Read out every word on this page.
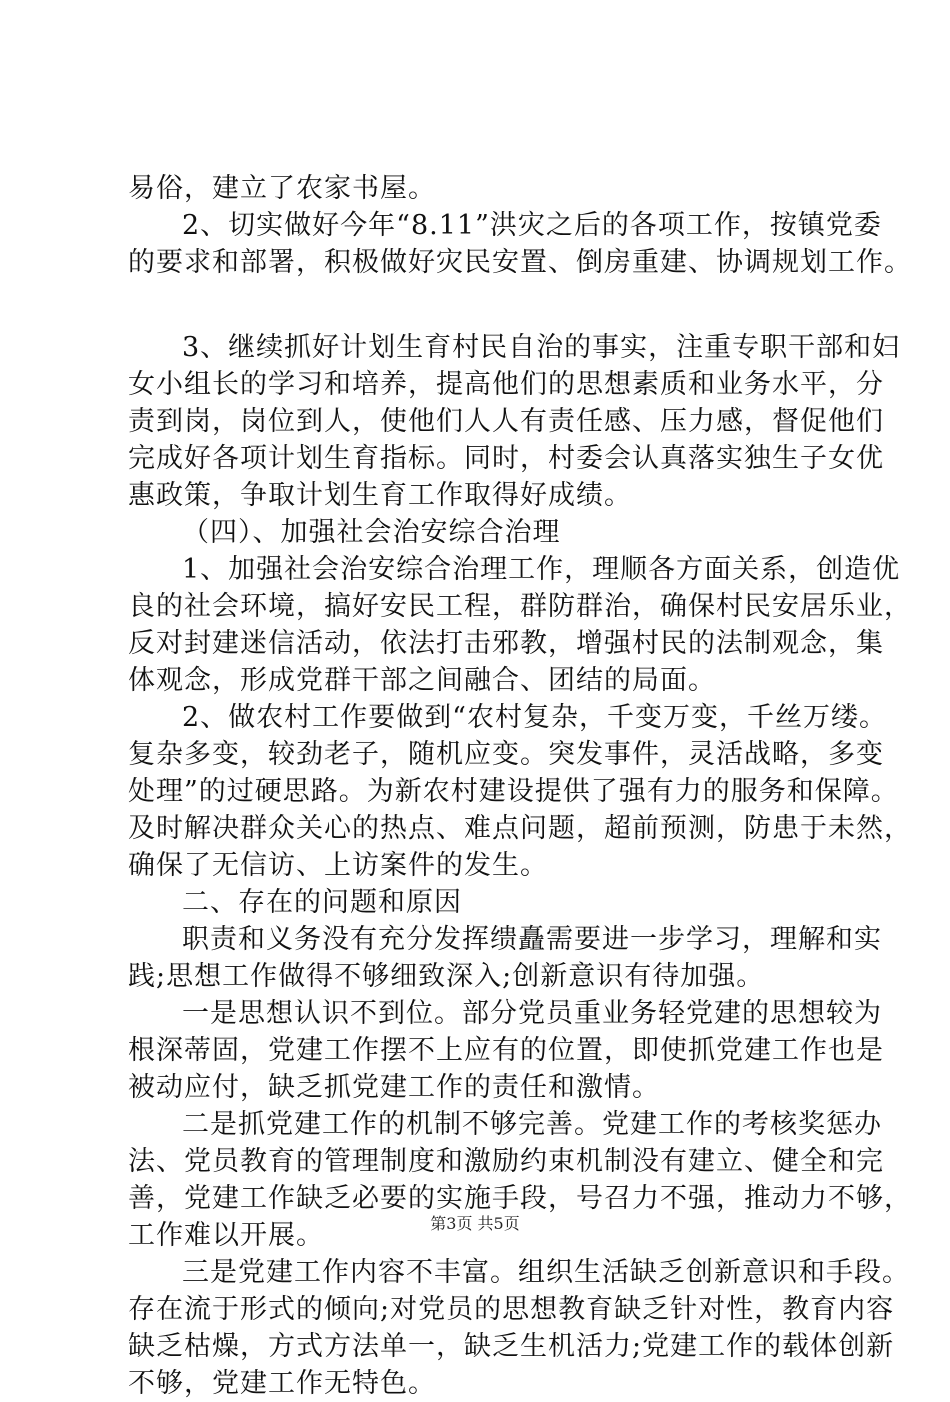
易俗，建立了农家书屋。
2、切实做好今年“8.11”洪灾之后的各项工作，按镇党委
的要求和部署，积极做好灾民安置、倒房重建、协调规划工作。
3、继续抓好计划生育村民自治的事实，注重专职干部和妇
女小组长的学习和培养，提高他们的思想素质和业务水平，分
责到岗，岗位到人，使他们人人有责任感、压力感，督促他们
完成好各项计划生育指标。同时，村委会认真落实独生子女优
惠政策，争取计划生育工作取得好成绩。
（四）、加强社会治安综合治理
1、加强社会治安综合治理工作，理顺各方面关系，创造优
良的社会环境，搞好安民工程，群防群治，确保村民安居乐业，
反对封建迷信活动，依法打击邪教，增强村民的法制观念，集
体观念，形成党群干部之间融合、团结的局面。
2、做农村工作要做到“农村复杂，千变万变，千丝万缕。
复杂多变，较劲老子，随机应变。突发事件，灵活战略，多变
处理”的过硬思路。为新农村建设提供了强有力的服务和保障。
及时解决群众关心的热点、难点问题，超前预测，防患于未然，
确保了无信访、上访案件的发生。
二、存在的问题和原因
职责和义务没有充分发挥缋矗需要进一步学习，理解和实
践;思想工作做得不够细致深入;创新意识有待加强。
一是思想认识不到位。部分党员重业务轻党建的思想较为
根深蒂固，党建工作摆不上应有的位置，即使抓党建工作也是
被动应付，缺乏抓党建工作的责任和激情。
二是抓党建工作的机制不够完善。党建工作的考核奖惩办
法、党员教育的管理制度和激励约束机制没有建立、健全和完
善，党建工作缺乏必要的实施手段，号召力不强，推动力不够，
工作难以开展。
三是党建工作内容不丰富。组织生活缺乏创新意识和手段。
存在流于形式的倾向;对党员的思想教育缺乏针对性，教育内容
缺乏枯燥，方式方法单一，缺乏生机活力;党建工作的载体创新
不够，党建工作无特色。
第3页 共5页
